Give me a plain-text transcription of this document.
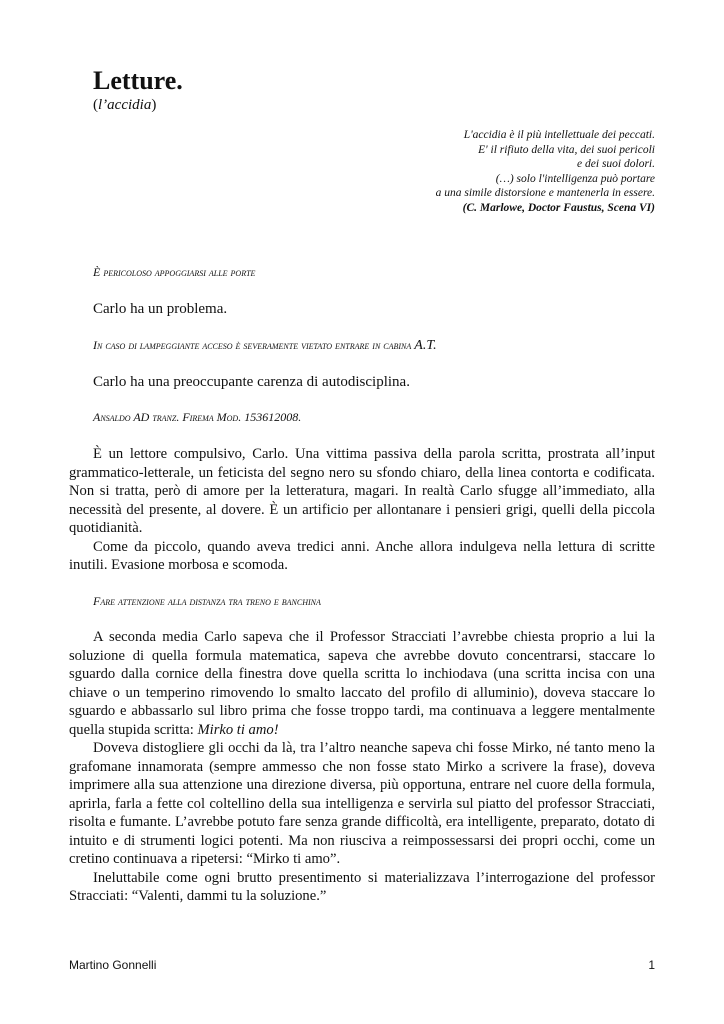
Letture.
(l’accidia)
L'accidia è il più intellettuale dei peccati.
E' il rifiuto della vita, dei suoi pericoli
e dei suoi dolori.
(…) solo l'intelligenza può portare
a una simile distorsione e mantenerla in essere.
(C. Marlowe, Doctor Faustus, Scena VI)
È pericoloso appoggiarsi alle porte
Carlo ha un problema.
In caso di lampeggiante acceso è severamente vietato entrare in cabina A.T.
Carlo ha una preoccupante carenza di autodisciplina.
Ansaldo AD tranz. Firema Mod. 153612008.

È un lettore compulsivo, Carlo. Una vittima passiva della parola scritta, prostrata all’input grammatico-letterale, un feticista del segno nero su sfondo chiaro, della linea contorta e codificata. Non si tratta, però di amore per la letteratura, magari. In realtà Carlo sfugge all’immediato, alla necessità del presente, al dovere. È un artificio per allontanare i pensieri grigi, quelli della piccola quotidianità.

Come da piccolo, quando aveva tredici anni. Anche allora indulgeva nella lettura di scritte inutili. Evasione morbosa e scomoda.

Fare attenzione alla distanza tra treno e banchina

A seconda media Carlo sapeva che il Professor Stracciati l’avrebbe chiesta proprio a lui la soluzione di quella formula matematica, sapeva che avrebbe dovuto concentrarsi, staccare lo sguardo dalla cornice della finestra dove quella scritta lo inchiodava (una scritta incisa con una chiave o un temperino rimovendo lo smalto laccato del profilo di alluminio), doveva staccare lo sguardo e abbassarlo sul libro prima che fosse troppo tardi, ma continuava a leggere mentalmente quella stupida scritta: Mirko ti amo!

Doveva distogliere gli occhi da là, tra l’altro neanche sapeva chi fosse Mirko, né tanto meno la grafomane innamorata (sempre ammesso che non fosse stato Mirko a scrivere la frase), doveva imprimere alla sua attenzione una direzione diversa, più opportuna, entrare nel cuore della formula, aprirla, farla a fette col coltellino della sua intelligenza e servirla sul piatto del professor Stracciati, risolta e fumante. L’avrebbe potuto fare senza grande difficoltà, era intelligente, preparato, dotato di intuito e di strumenti logici potenti. Ma non riusciva a reimpossessarsi dei propri occhi, come un cretino continuava a ripetersi: “Mirko ti amo”.

Ineluttabile come ogni brutto presentimento si materializzava l’interrogazione del professor Stracciati: “Valenti, dammi tu la soluzione.”

Martino Gonnelli	1
